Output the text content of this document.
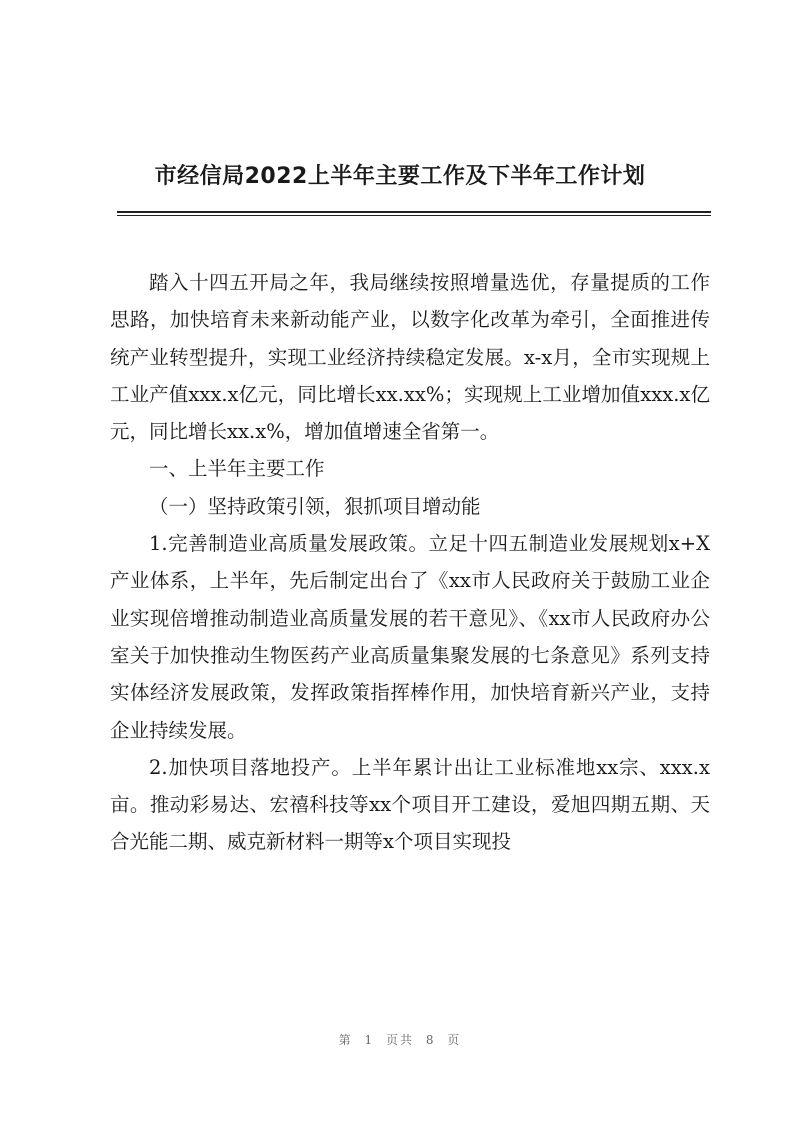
市经信局2022上半年主要工作及下半年工作计划

踏入十四五开局之年，我局继续按照增量选优，存量提质的工作思路，加快培育未来新动能产业，以数字化改革为牵引，全面推进传统产业转型提升，实现工业经济持续稳定发展。x-x月，全市实现规上工业产值xxx.x亿元，同比增长xx.xx%；实现规上工业增加值xxx.x亿元，同比增长xx.x%，增加值增速全省第一。

一、上半年主要工作

（一）坚持政策引领，狠抓项目增动能

1.完善制造业高质量发展政策。立足十四五制造业发展规划x+X产业体系，上半年，先后制定出台了《xx市人民政府关于鼓励工业企业实现倍增推动制造业高质量发展的若干意见》、《xx市人民政府办公室关于加快推动生物医药产业高质量集聚发展的七条意见》系列支持实体经济发展政策，发挥政策指挥棒作用，加快培育新兴产业，支持企业持续发展。

2.加快项目落地投产。上半年累计出让工业标准地xx宗、xxx.x亩。推动彩易达、宏禧科技等xx个项目开工建设，爱旭四期五期、天合光能二期、威克新材料一期等x个项目实现投

第 1 页共 8 页
